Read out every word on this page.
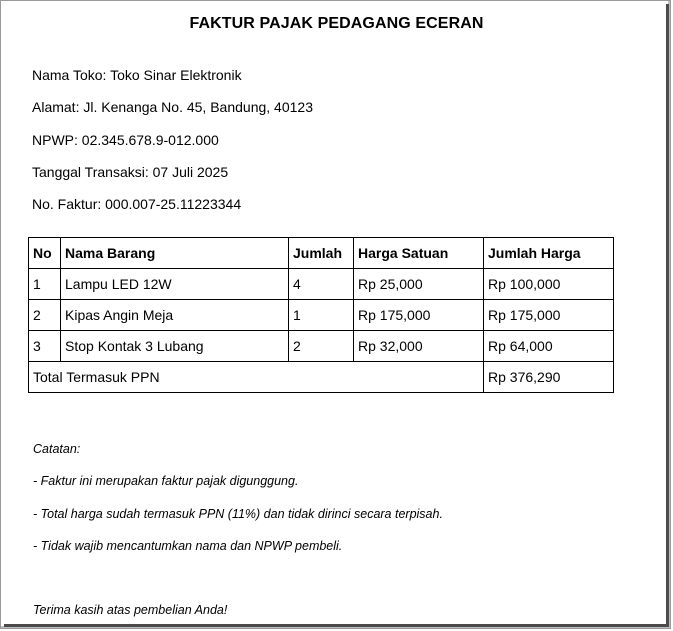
FAKTUR PAJAK PEDAGANG ECERAN
Nama Toko: Toko Sinar Elektronik
Alamat: Jl. Kenanga No. 45, Bandung, 40123
NPWP: 02.345.678.9-012.000
Tanggal Transaksi: 07 Juli 2025
No. Faktur: 000.007-25.11223344
No	Nama Barang	Jumlah	Harga Satuan	Jumlah Harga
1	Lampu LED 12W	4	Rp 25,000	Rp 100,000
2	Kipas Angin Meja	1	Rp 175,000	Rp 175,000
3	Stop Kontak 3 Lubang	2	Rp 32,000	Rp 64,000
Total Termasuk PPN				Rp 376,290
Catatan:
- Faktur ini merupakan faktur pajak digunggung.
- Total harga sudah termasuk PPN (11%) dan tidak dirinci secara terpisah.
- Tidak wajib mencantumkan nama dan NPWP pembeli.
Terima kasih atas pembelian Anda!
